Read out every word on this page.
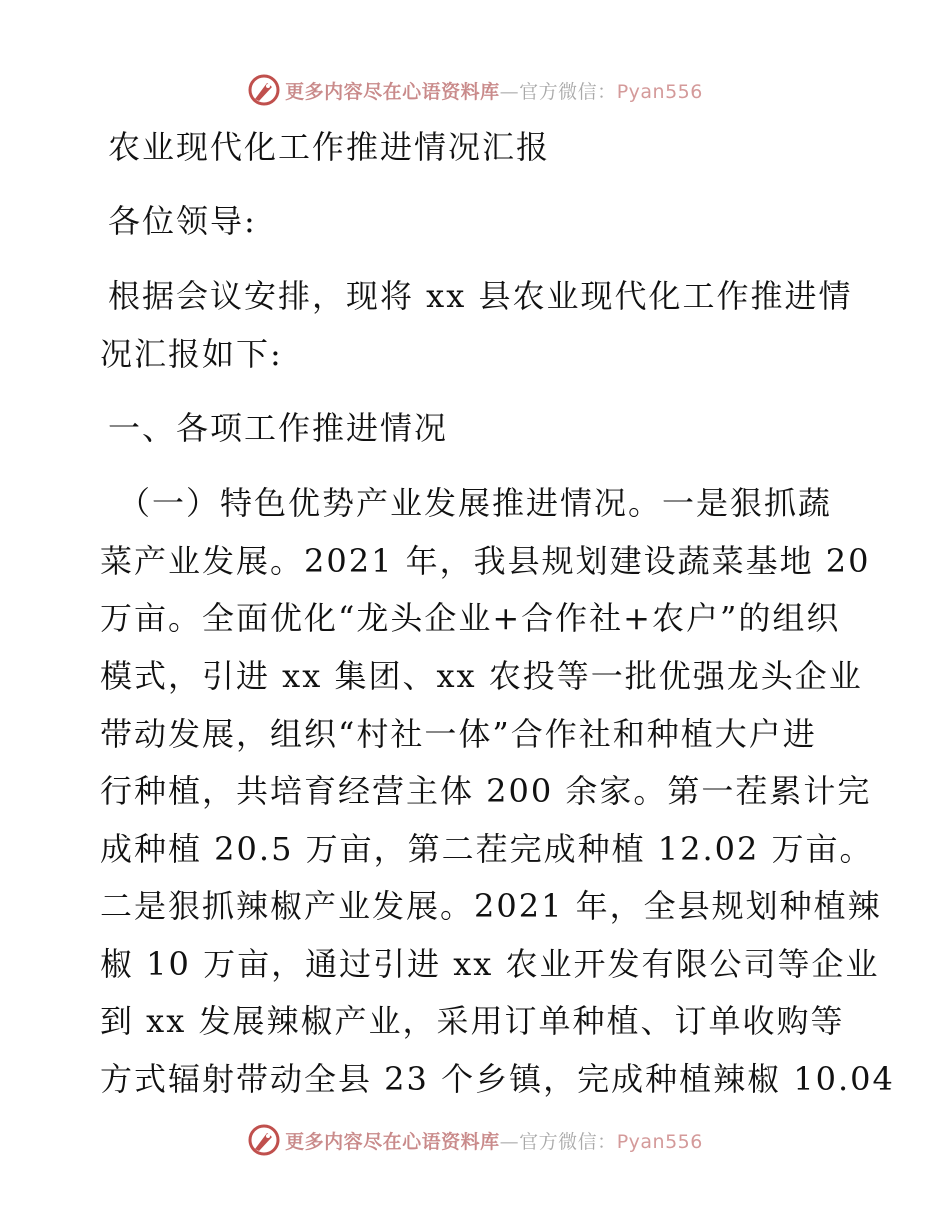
更多内容尽在心语资料库—官方微信：Pyan556
农业现代化工作推进情况汇报
各位领导:
根据会议安排，现将 xx 县农业现代化工作推进情
况汇报如下:
一、各项工作推进情况
（一）特色优势产业发展推进情况。一是狠抓蔬
菜产业发展。2021 年，我县规划建设蔬菜基地 20
万亩。全面优化“龙头企业+合作社+农户”的组织
模式，引进 xx 集团、xx 农投等一批优强龙头企业
带动发展，组织“村社一体”合作社和种植大户进
行种植，共培育经营主体 200 余家。第一茬累计完
成种植 20.5 万亩，第二茬完成种植 12.02 万亩。
二是狠抓辣椒产业发展。2021 年，全县规划种植辣
椒 10 万亩，通过引进 xx 农业开发有限公司等企业
到 xx 发展辣椒产业，采用订单种植、订单收购等
方式辐射带动全县 23 个乡镇，完成种植辣椒 10.04
更多内容尽在心语资料库—官方微信：Pyan556
